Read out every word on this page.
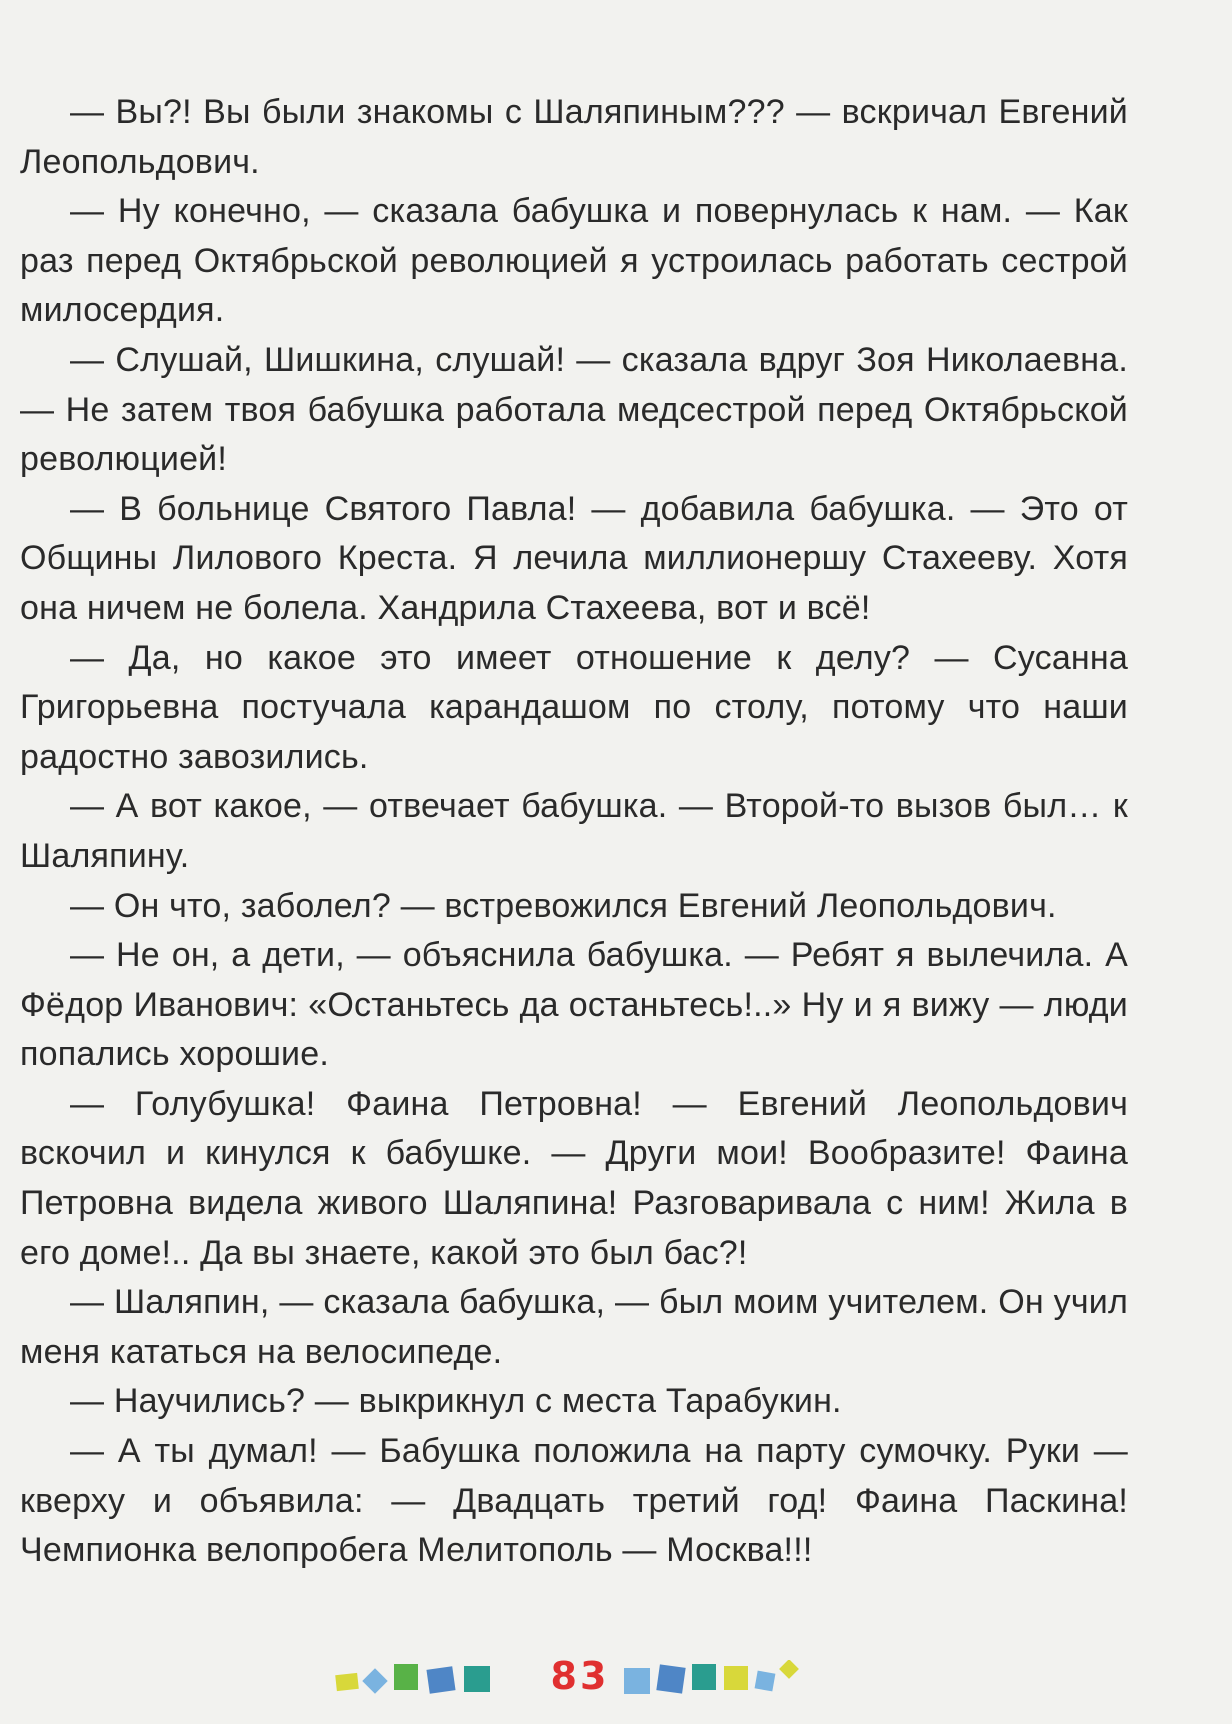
— Вы?! Вы были знакомы с Шаляпиным??? — вскричал Евгений Леопольдович.

— Ну конечно, — сказала бабушка и повернулась к нам. — Как раз перед Октябрьской революцией я устроилась работать сестрой милосердия.

— Слушай, Шишкина, слушай! — сказала вдруг Зоя Николаевна. — Не затем твоя бабушка работала медсестрой перед Октябрьской революцией!

— В больнице Святого Павла! — добавила бабушка. — Это от Общины Лилового Креста. Я лечила миллионершу Стахееву. Хотя она ничем не болела. Хандрила Стахеева, вот и всё!

— Да, но какое это имеет отношение к делу? — Сусанна Григорьевна постучала карандашом по столу, потому что наши радостно завозились.

— А вот какое, — отвечает бабушка. — Второй-то вызов был… к Шаляпину.

— Он что, заболел? — встревожился Евгений Леопольдович.

— Не он, а дети, — объяснила бабушка. — Ребят я вылечила. А Фёдор Иванович: «Останьтесь да останьтесь!..» Ну и я вижу — люди попались хорошие.

— Голубушка! Фаина Петровна! — Евгений Леопольдович вскочил и кинулся к бабушке. — Други мои! Вообразите! Фаина Петровна видела живого Шаляпина! Разговаривала с ним! Жила в его доме!.. Да вы знаете, какой это был бас?!

— Шаляпин, — сказала бабушка, — был моим учителем. Он учил меня кататься на велосипеде.

— Научились? — выкрикнул с места Тарабукин.

— А ты думал! — Бабушка положила на парту сумочку. Руки — кверху и объявила: — Двадцать третий год! Фаина Паскина! Чемпионка велопробега Мелитополь — Москва!!!

83
